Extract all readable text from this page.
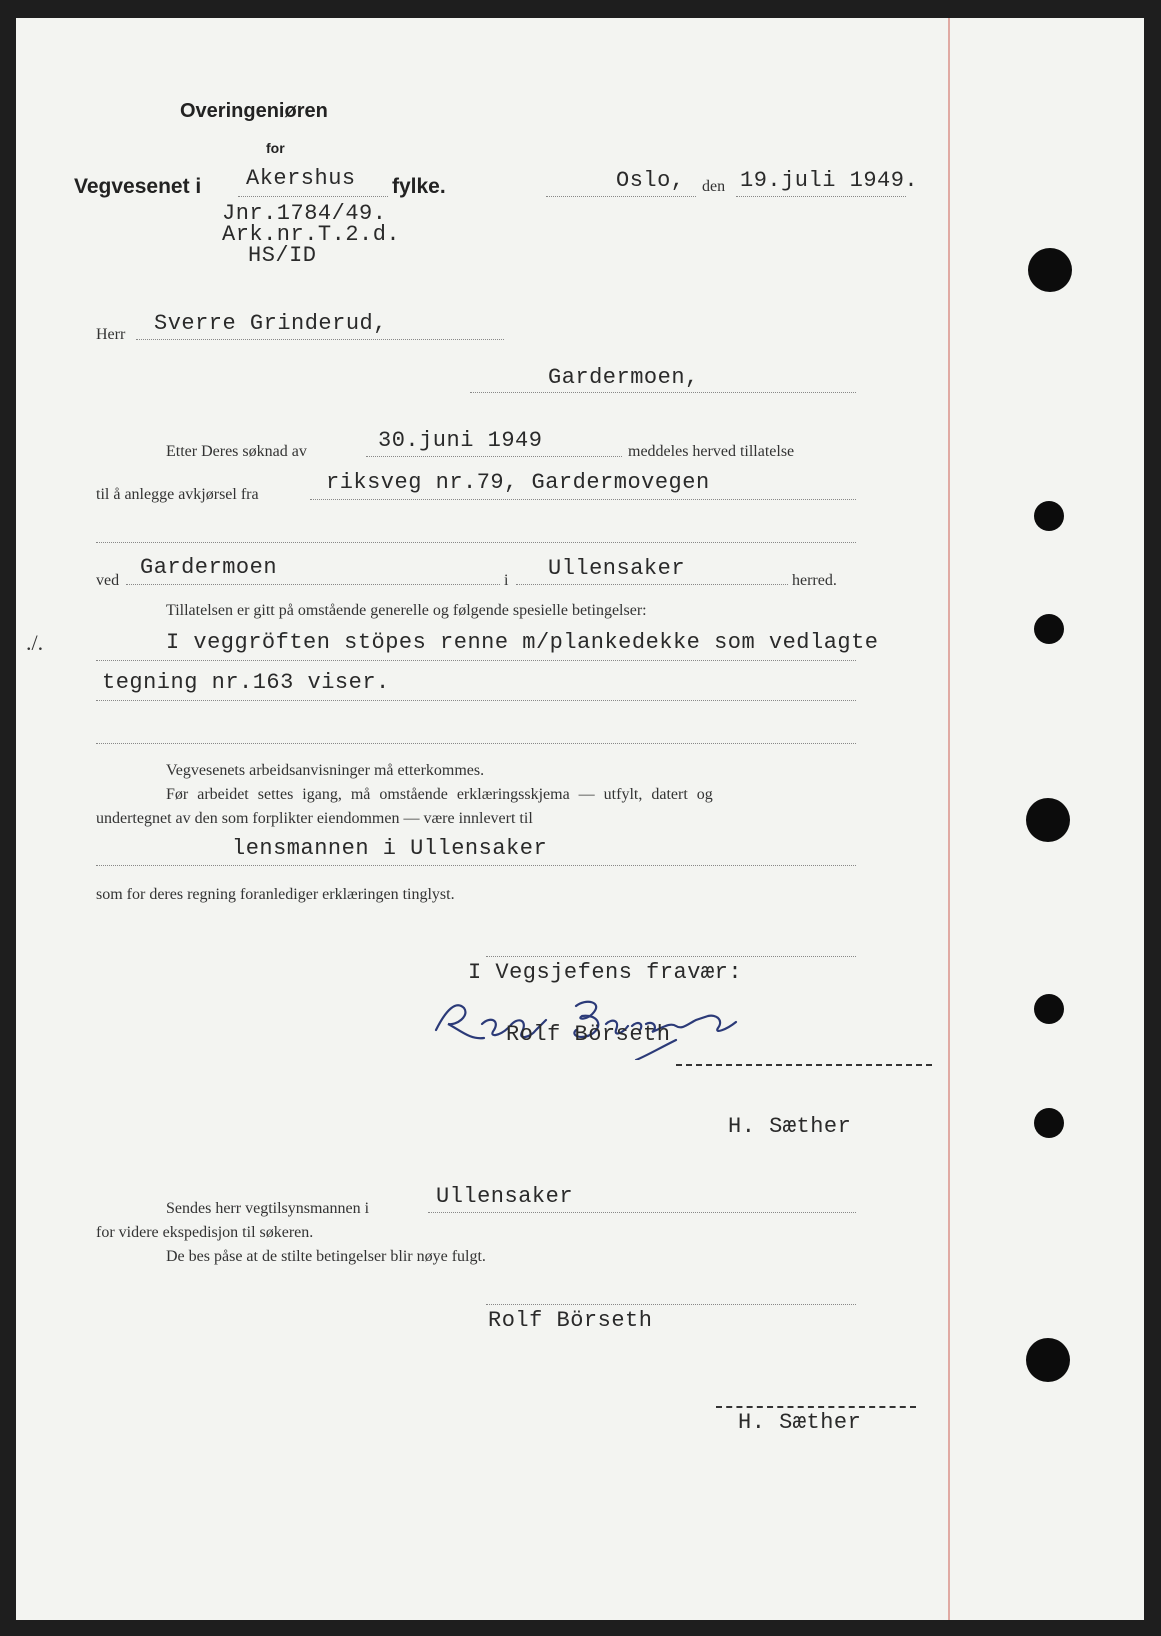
Overingeniøren
for
Vegvesenet i Akershus fylke.	Oslo, den 19.juli 1949.
Jnr.1784/49.
Ark.nr.T.2.d.
HS/ID
Herr Sverre Grinderud,
Gardermoen,
Etter Deres søknad av	30.juni 1949	meddeles herved tillatelse
til å anlegge avkjørsel fra	riksveg nr.79, Gardermovegen
ved
Gardermoen
i Ullensaker	herred.
Tillatelsen er gitt på omstående generelle og følgende spesielle betingelser:
./.	I veggröften stöpes renne m/plankedekke som vedlagte
tegning nr.163 viser.
Vegvesenets arbeidsanvisninger må etterkommes.
Før arbeidet settes igang, må omstående erklæringsskjema — utfylt, datert og
undertegnet av den som forplikter eiendommen — være innlevert til
lensmannen i Ullensaker
som for deres regning foranlediger erklæringen tinglyst.
I Vegsjefens fravær:
Rolf Börseth
H. Sæther
Sendes herr vegtilsynsmannen i	Ullensaker
for videre ekspedisjon til søkeren.
De bes påse at de stilte betingelser blir nøye fulgt.
Rolf Börseth
H. Sæther
